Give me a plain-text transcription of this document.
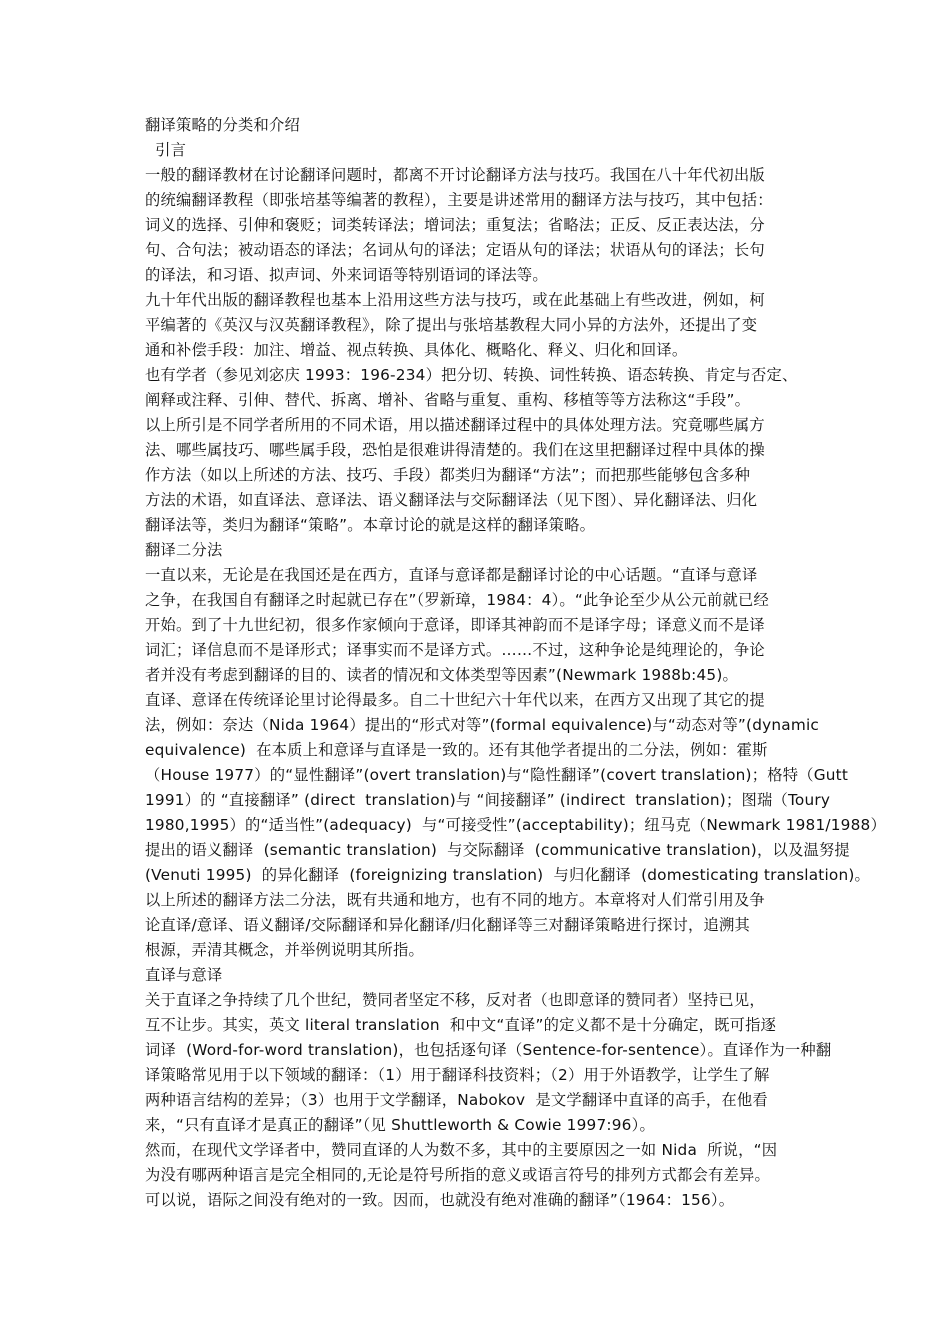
翻译策略的分类和介绍
引言
一般的翻译教材在讨论翻译问题时，都离不开讨论翻译方法与技巧。我国在八十年代初出版
的统编翻译教程（即张培基等编著的教程），主要是讲述常用的翻译方法与技巧，其中包括：
词义的选择、引伸和褒贬；词类转译法；增词法；重复法；省略法；正反、反正表达法，分
句、合句法；被动语态的译法；名词从句的译法；定语从句的译法；状语从句的译法；长句
的译法，和习语、拟声词、外来词语等特别语词的译法等。
九十年代出版的翻译教程也基本上沿用这些方法与技巧，或在此基础上有些改进，例如，柯
平编著的《英汉与汉英翻译教程》，除了提出与张培基教程大同小异的方法外，还提出了变
通和补偿手段：加注、增益、视点转换、具体化、概略化、释义、归化和回译。
也有学者（参见刘宓庆 1993：196-234）把分切、转换、词性转换、语态转换、肯定与否定、
阐释或注释、引伸、替代、拆离、增补、省略与重复、重构、移植等等方法称这“手段”。
以上所引是不同学者所用的不同术语，用以描述翻译过程中的具体处理方法。究竟哪些属方
法、哪些属技巧、哪些属手段，恐怕是很难讲得清楚的。我们在这里把翻译过程中具体的操
作方法（如以上所述的方法、技巧、手段）都类归为翻译“方法”；而把那些能够包含多种
方法的术语，如直译法、意译法、语义翻译法与交际翻译法（见下图）、异化翻译法、归化
翻译法等，类归为翻译“策略”。本章讨论的就是这样的翻译策略。
翻译二分法
一直以来，无论是在我国还是在西方，直译与意译都是翻译讨论的中心话题。“直译与意译
之争，在我国自有翻译之时起就已存在”（罗新璋，1984：4）。“此争论至少从公元前就已经
开始。到了十九世纪初，很多作家倾向于意译，即译其神韵而不是译字母；译意义而不是译
词汇；译信息而不是译形式；译事实而不是译方式。……不过，这种争论是纯理论的，争论
者并没有考虑到翻译的目的、读者的情况和文体类型等因素”(Newmark 1988b:45)。
直译、意译在传统译论里讨论得最多。自二十世纪六十年代以来，在西方又出现了其它的提
法，例如：奈达（Nida 1964）提出的“形式对等”(formal equivalence)与“动态对等”(dynamic
equivalence)  在本质上和意译与直译是一致的。还有其他学者提出的二分法，例如：霍斯
（House 1977）的“显性翻译”(overt translation)与“隐性翻译”(covert translation)；格特（Gutt
1991）的 “直接翻译” (direct  translation)与 “间接翻译” (indirect  translation)；图瑞（Toury
1980,1995）的“适当性”(adequacy)  与“可接受性”(acceptability)；纽马克（Newmark 1981/1988）
提出的语义翻译  (semantic translation)  与交际翻译  (communicative translation)，以及温努提
(Venuti 1995)  的异化翻译  (foreignizing translation)  与归化翻译  (domesticating translation)。
以上所述的翻译方法二分法，既有共通和地方，也有不同的地方。本章将对人们常引用及争
论直译/意译、语义翻译/交际翻译和异化翻译/归化翻译等三对翻译策略进行探讨，追溯其
根源，弄清其概念，并举例说明其所指。
直译与意译
关于直译之争持续了几个世纪，赞同者坚定不移，反对者（也即意译的赞同者）坚持已见，
互不让步。其实，英文 literal translation  和中文“直译”的定义都不是十分确定，既可指逐
词译  (Word-for-word translation)，也包括逐句译（Sentence-for-sentence）。直译作为一种翻
译策略常见用于以下领域的翻译：（1）用于翻译科技资料；（2）用于外语教学，让学生了解
两种语言结构的差异；（3）也用于文学翻译，Nabokov  是文学翻译中直译的高手，在他看
来，“只有直译才是真正的翻译”（见 Shuttleworth & Cowie 1997:96）。
然而，在现代文学译者中，赞同直译的人为数不多，其中的主要原因之一如 Nida  所说，“因
为没有哪两种语言是完全相同的,无论是符号所指的意义或语言符号的排列方式都会有差异。
可以说，语际之间没有绝对的一致。因而，也就没有绝对准确的翻译”（1964：156）。
